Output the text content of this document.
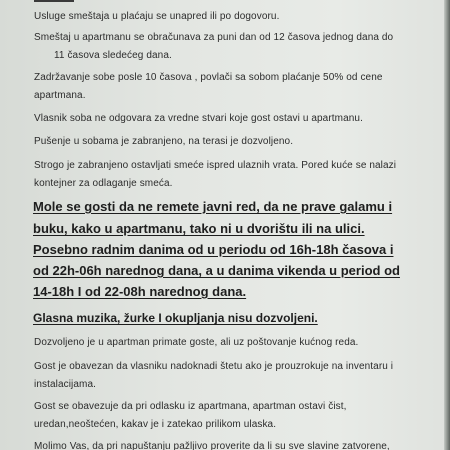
Usluge smeštaja u plaćaju se unapred ili po dogovoru.
Smeštaj u apartmanu se obračunava za puni dan od 12 časova jednog dana do
11 časova sledećeg dana.
Zadržavanje sobe posle 10 časova , povlači sa sobom plaćanje 50% od cene
apartmana.
Vlasnik soba ne odgovara za vredne stvari koje gost ostavi u apartmanu.
Pušenje u sobama je zabranjeno, na terasi je dozvoljeno.
Strogo je zabranjeno ostavljati smeće ispred ulaznih vrata. Pored kuće se nalazi
kontejner za odlaganje smeća.
Mole se gosti da ne remete javni red, da ne prave galamu i
buku, kako u apartmanu, tako ni u dvorištu ili na ulici.
Posebno radnim danima od u periodu od 16h-18h časova i
od 22h-06h narednog dana, a u danima vikenda u period od
14-18h I od 22-08h narednog dana.
Glasna muzika, žurke I okupljanja nisu dozvoljeni.
Dozvoljeno je u apartman primate goste, ali uz poštovanje kućnog reda.
Gost je obavezan da vlasniku nadoknadi štetu ako je prouzrokuje na inventaru i
instalacijama.
Gost se obavezuje da pri odlasku iz apartmana, apartman ostavi čist,
uredan,neoštećen, kakav je i zatekao prilikom ulaska.
Molimo Vas, da pri napuštanju pažljivo proverite da li su sve slavine zatvorene,
